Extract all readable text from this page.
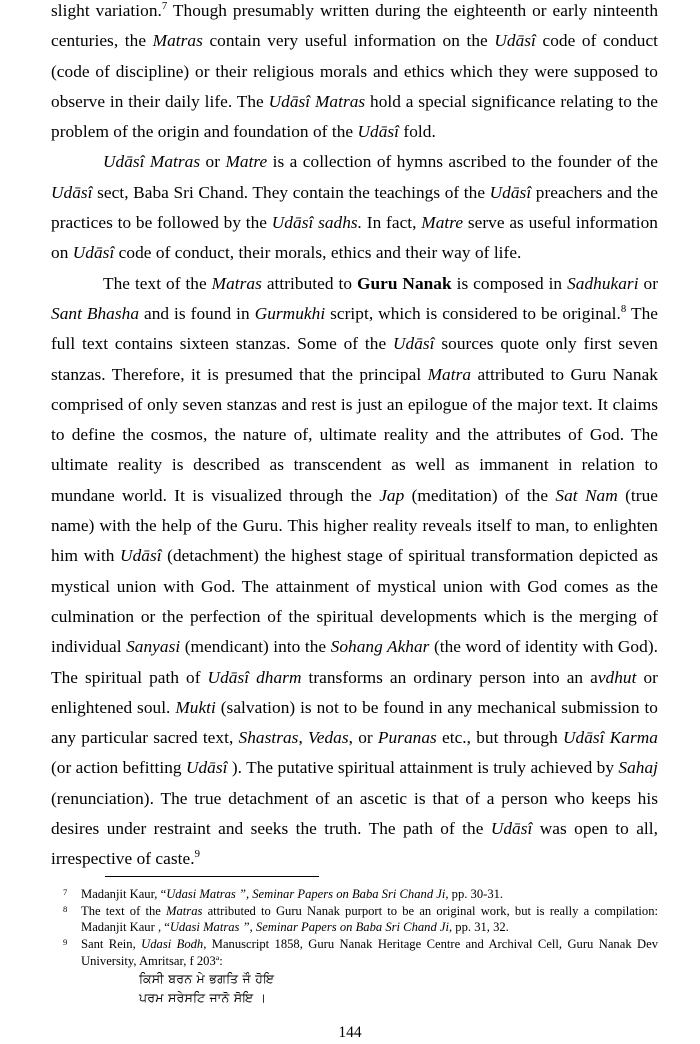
slight variation.$^7$ Though presumably written during the eighteenth or early ninteenth centuries, the Matras contain very useful information on the Udāsî code of conduct (code of discipline) or their religious morals and ethics which they were supposed to observe in their daily life. The Udāsî Matras hold a special significance relating to the problem of the origin and foundation of the Udāsî fold.

Udāsî Matras or Matre is a collection of hymns ascribed to the founder of the Udāsî sect, Baba Sri Chand. They contain the teachings of the Udāsî preachers and the practices to be followed by the Udāsî sadhs. In fact, Matre serve as useful information on Udāsî code of conduct, their morals, ethics and their way of life.

The text of the Matras attributed to Guru Nanak is composed in Sadhukari or Sant Bhasha and is found in Gurmukhi script, which is considered to be original.$^8$ The full text contains sixteen stanzas. Some of the Udāsî sources quote only first seven stanzas. Therefore, it is presumed that the principal Matra attributed to Guru Nanak comprised of only seven stanzas and rest is just an epilogue of the major text. It claims to define the cosmos, the nature of, ultimate reality and the attributes of God. The ultimate reality is described as transcendent as well as immanent in relation to mundane world. It is visualized through the Jap (meditation) of the Sat Nam (true name) with the help of the Guru. This higher reality reveals itself to man, to enlighten him with Udāsî (detachment) the highest stage of spiritual transformation depicted as mystical union with God. The attainment of mystical union with God comes as the culmination or the perfection of the spiritual developments which is the merging of individual Sanyasi (mendicant) into the Sohang Akhar (the word of identity with God). The spiritual path of Udāsî dharm transforms an ordinary person into an avdhut or enlightened soul. Mukti (salvation) is not to be found in any mechanical submission to any particular sacred text, Shastras, Vedas, or Puranas etc., but through Udāsî Karma (or action befitting Udāsî ). The putative spiritual attainment is truly achieved by Sahaj (renunciation). The true detachment of an ascetic is that of a person who keeps his desires under restraint and seeks the truth. The path of the Udāsî was open to all, irrespective of caste.$^9$

7 Madanjit Kaur, “Udasi Matras ”, Seminar Papers on Baba Sri Chand Ji, pp. 30-31.
8 The text of the Matras attributed to Guru Nanak purport to be an original work, but is really a compilation: Madanjit Kaur , “Udasi Matras ”, Seminar Papers on Baba Sri Chand Ji, pp. 31, 32.
9 Sant Rein, Udasi Bodh, Manuscript 1858, Guru Nanak Heritage Centre and Archival Cell, Guru Nanak Dev University, Amritsar, f 203$^a$:
ਕਿਸੀ ਬਰਨ ਮੇ ਭਗਤਿ ਜੌ ਹੋਇ
ਪਰਮ ਸਰੇਸਟਿ ਜਾਨੋ ਸੋਇ ।
144
